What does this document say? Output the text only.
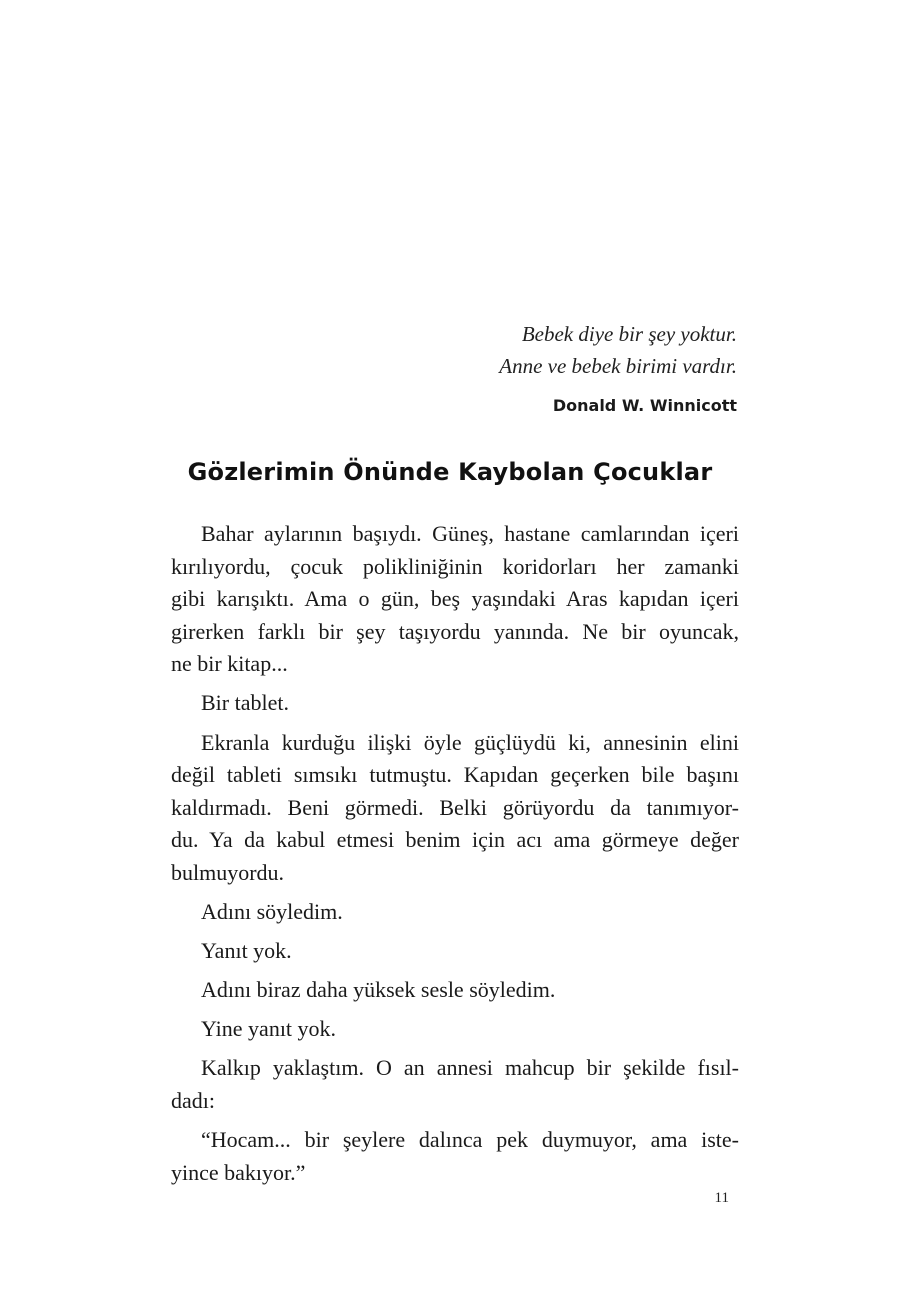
Bebek diye bir şey yoktur.
Anne ve bebek birimi vardır.
Donald W. Winnicott
Gözlerimin Önünde Kaybolan Çocuklar

Bahar aylarının başıydı. Güneş, hastane camlarından içeri
kırılıyordu, çocuk polikliniğinin koridorları her zamanki
gibi karışıktı. Ama o gün, beş yaşındaki Aras kapıdan içeri
girerken farklı bir şey taşıyordu yanında. Ne bir oyuncak,
ne bir kitap...

Bir tablet.

Ekranla kurduğu ilişki öyle güçlüydü ki, annesinin elini
değil tableti sımsıkı tutmuştu. Kapıdan geçerken bile başını
kaldırmadı. Beni görmedi. Belki görüyordu da tanımıyor-
du. Ya da kabul etmesi benim için acı ama görmeye değer
bulmuyordu.

Adını söyledim.

Yanıt yok.

Adını biraz daha yüksek sesle söyledim.

Yine yanıt yok.

Kalkıp yaklaştım. O an annesi mahcup bir şekilde fısıl-
dadı:

“Hocam... bir şeylere dalınca pek duymuyor, ama iste-
yince bakıyor.”

11
